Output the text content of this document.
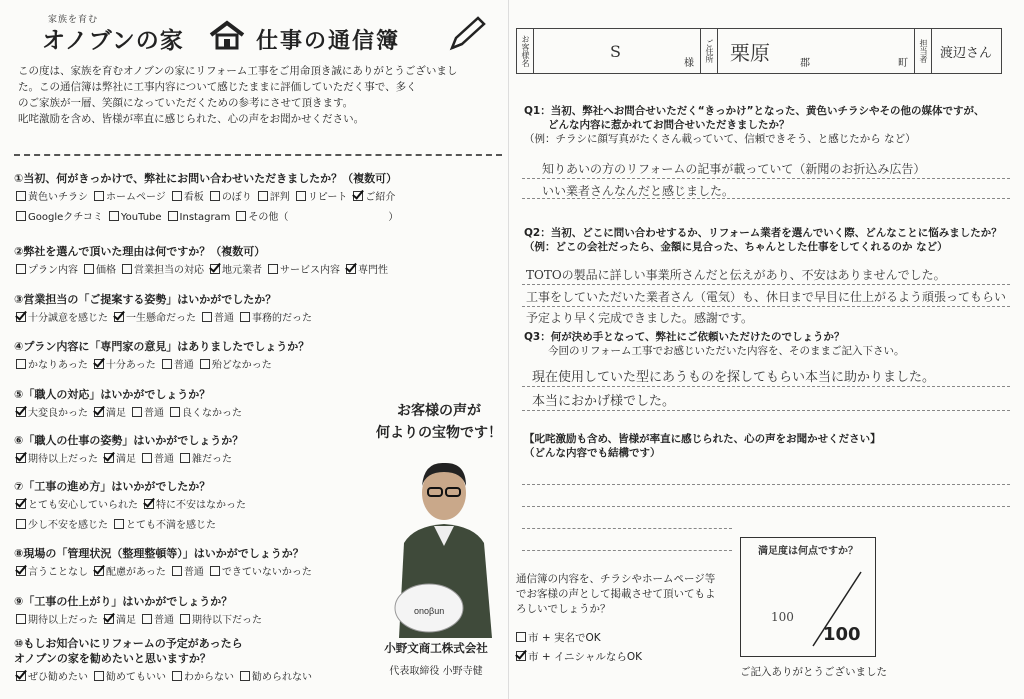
家族を育む
オノブンの家	仕事の通信簿

この度は、家族を育むオノブンの家にリフォーム工事をご用命頂き誠にありがとうございまし

た。この通信簿は弊社に工事内容について感じたままに評価していただく事で、多く

のご家族が一層、笑顔になっていただくための参考にさせて頂きます。

叱咤激励を含め、皆様が率直に感じられた、心の声をお聞かせください。

①当初、何がきっかけで、弊社にお問い合わせいただきましたか？（複数可）
黄色いチラシ ホームページ 看板 のぼり 評判 リピート ご紹介
Googleクチコミ YouTube Instagram その他（　　　　　　　　　　）
②弊社を選んで頂いた理由は何ですか？（複数可）
プラン内容 価格 営業担当の対応 地元業者 サービス内容 専門性
③営業担当の「ご提案する姿勢」はいかがでしたか？
十分誠意を感じた 一生懸命だった 普通 事務的だった
④プラン内容に「専門家の意見」はありましたでしょうか？
かなりあった 十分あった 普通 殆どなかった
⑤「職人の対応」はいかがでしょうか？
大変良かった 満足 普通 良くなかった
⑥「職人の仕事の姿勢」はいかがでしょうか？
期待以上だった 満足 普通 雑だった
⑦「工事の進め方」はいかがでしたか？
とても安心していられた 特に不安はなかった
少し不安を感じた とても不満を感じた
⑧現場の「管理状況（整理整頓等）」はいかがでしょうか？
言うことなし 配慮があった 普通 できていないかった
⑨「工事の仕上がり」はいかがでしょうか？
期待以上だった 満足 普通 期待以下だった
⑩もしお知合いにリフォームの予定があったら
オノブンの家を勧めたいと思いますか？
ぜひ勧めたい 勧めてもいい わからない 勧められない
お客様の声が
何よりの宝物です！
onoβun
小野文商工株式会社
代表取締役 小野寺健
お客様名	S
様
ご住所 栗原	郡	町
担当者 渡辺さん
Q1：当初、弊社へお問合せいただく“きっかけ”となった、黄色いチラシやその他の媒体ですが、
どんな内容に惹かれてお問合せいただきましたか？
（例：チラシに顔写真がたくさん載っていて、信頼できそう、と感じたから など）
知りあいの方のリフォームの記事が載っていて（新聞のお折込み広告）
いい業者さんなんだと感じました。
Q2：当初、どこに問い合わせするか、リフォーム業者を選んでいく際、どんなことに悩みましたか？
（例：どこの会社だったら、金額に見合った、ちゃんとした仕事をしてくれるのか など）
TOTOの製品に詳しい事業所さんだと伝えがあり、不安はありませんでした。
工事をしていただいた業者さん（電気）も、休日まで早目に仕上がるよう頑張ってもらい
予定より早く完成できました。感謝です。
Q3：何が決め手となって、弊社にご依頼いただけたのでしょうか？
今回のリフォーム工事でお感じいただいた内容を、そのままご記入下さい。
現在使用していた型にあうものを探してもらい本当に助かりました。
本当におかげ様でした。
【叱咤激励も含め、皆様が率直に感じられた、心の声をお聞かせください】
（どんな内容でも結構です）
通信簿の内容を、チラシやホームページ等でお客様の声として掲載させて頂いてもよろしいでしょうか？
市 + 実名でOK
市 + イニシャルならOK
満足度は何点ですか？
100
100
ご記入ありがとうございました
